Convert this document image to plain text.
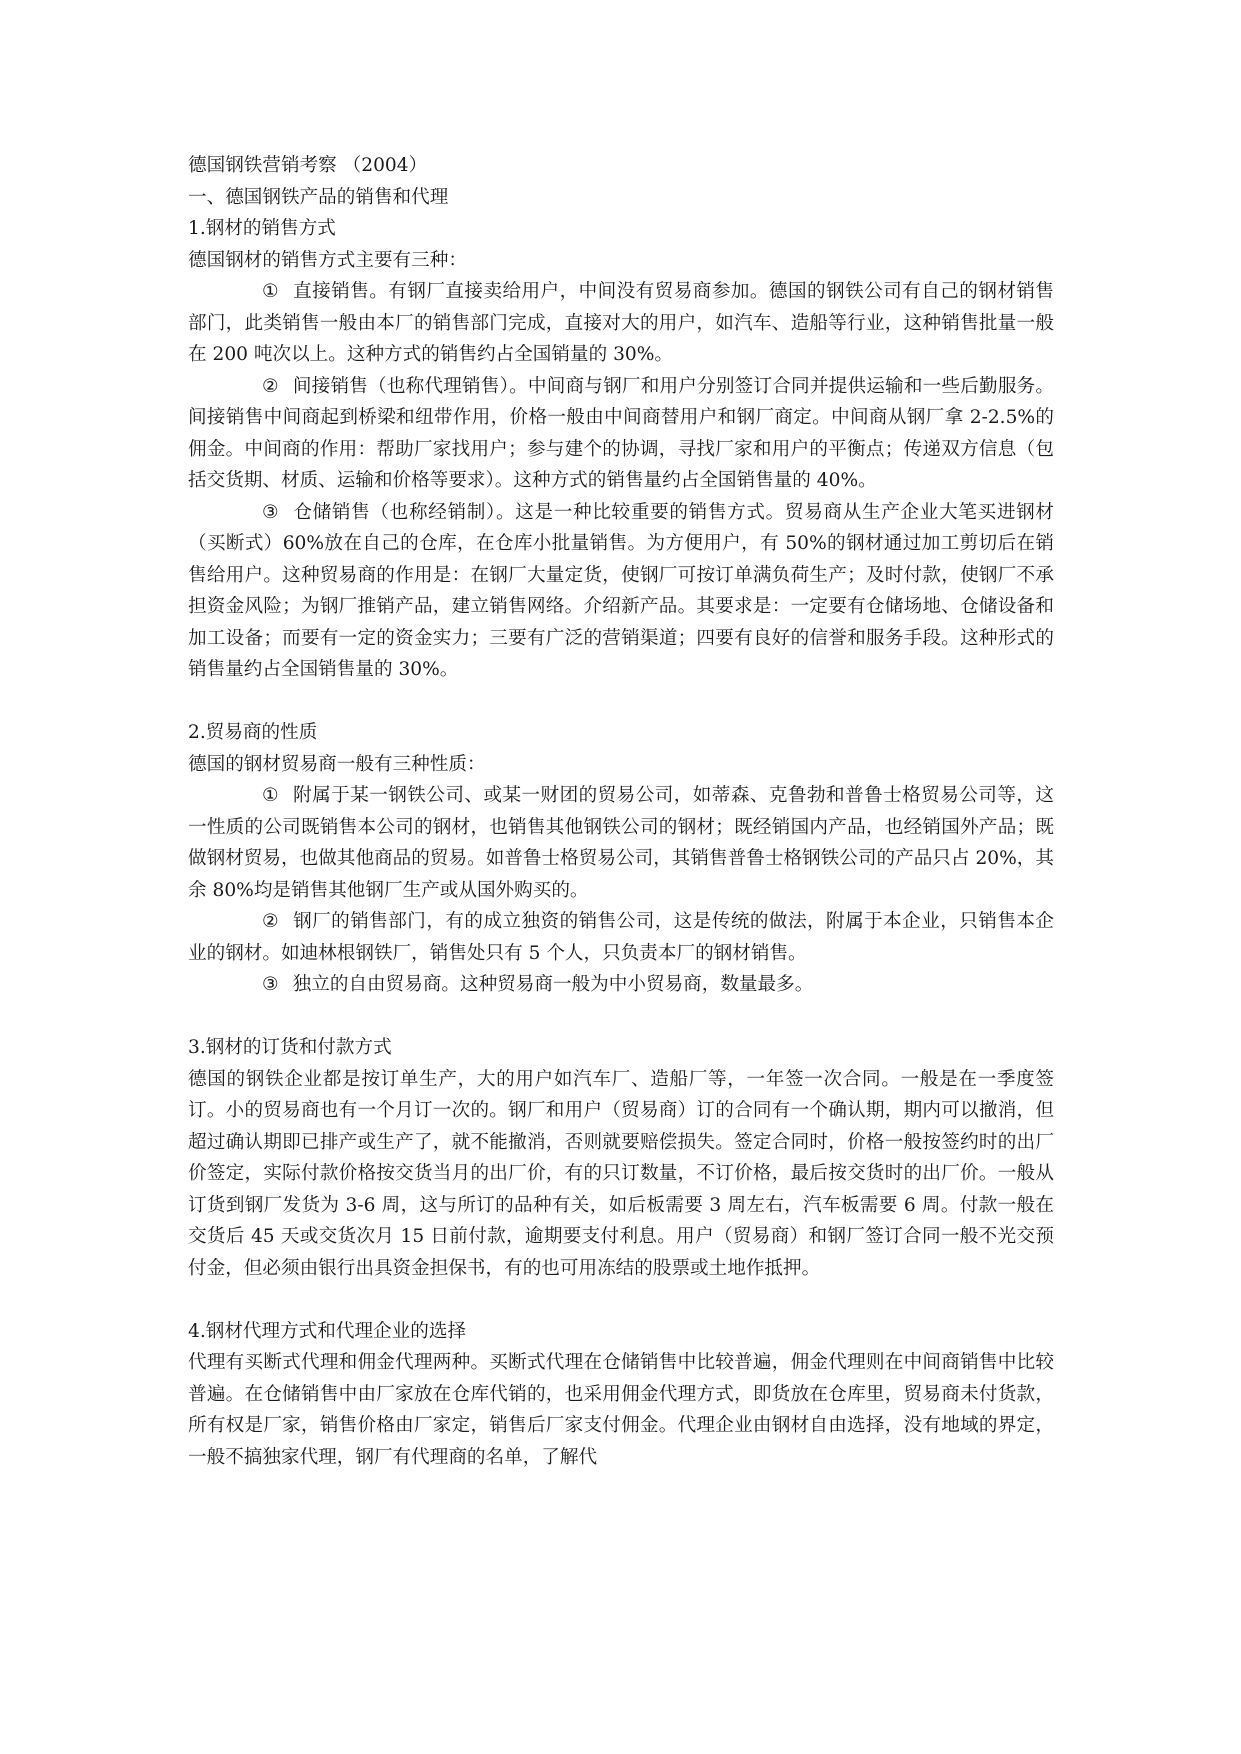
德国钢铁营销考察 （2004）

一、德国钢铁产品的销售和代理

1.钢材的销售方式

德国钢材的销售方式主要有三种：

① 直接销售。有钢厂直接卖给用户，中间没有贸易商参加。德国的钢铁公司有自己的钢材销售部门，此类销售一般由本厂的销售部门完成，直接对大的用户，如汽车、造船等行业，这种销售批量一般在 200 吨次以上。这种方式的销售约占全国销量的 30%。

② 间接销售（也称代理销售）。中间商与钢厂和用户分别签订合同并提供运输和一些后勤服务。间接销售中间商起到桥梁和纽带作用，价格一般由中间商替用户和钢厂商定。中间商从钢厂拿 2-2.5%的佣金。中间商的作用：帮助厂家找用户；参与建个的协调，寻找厂家和用户的平衡点；传递双方信息（包括交货期、材质、运输和价格等要求）。这种方式的销售量约占全国销售量的 40%。

③ 仓储销售（也称经销制）。这是一种比较重要的销售方式。贸易商从生产企业大笔买进钢材（买断式）60%放在自己的仓库，在仓库小批量销售。为方便用户，有 50%的钢材通过加工剪切后在销售给用户。这种贸易商的作用是：在钢厂大量定货，使钢厂可按订单满负荷生产；及时付款，使钢厂不承担资金风险；为钢厂推销产品，建立销售网络。介绍新产品。其要求是：一定要有仓储场地、仓储设备和加工设备；而要有一定的资金实力；三要有广泛的营销渠道；四要有良好的信誉和服务手段。这种形式的销售量约占全国销售量的 30%。

2.贸易商的性质

德国的钢材贸易商一般有三种性质：

① 附属于某一钢铁公司、或某一财团的贸易公司，如蒂森、克鲁勃和普鲁士格贸易公司等，这一性质的公司既销售本公司的钢材，也销售其他钢铁公司的钢材；既经销国内产品，也经销国外产品；既做钢材贸易，也做其他商品的贸易。如普鲁士格贸易公司，其销售普鲁士格钢铁公司的产品只占 20%，其余 80%均是销售其他钢厂生产或从国外购买的。

② 钢厂的销售部门，有的成立独资的销售公司，这是传统的做法，附属于本企业，只销售本企业的钢材。如迪林根钢铁厂，销售处只有 5 个人，只负责本厂的钢材销售。

③ 独立的自由贸易商。这种贸易商一般为中小贸易商，数量最多。

3.钢材的订货和付款方式

德国的钢铁企业都是按订单生产，大的用户如汽车厂、造船厂等，一年签一次合同。一般是在一季度签订。小的贸易商也有一个月订一次的。钢厂和用户（贸易商）订的合同有一个确认期，期内可以撤消，但超过确认期即已排产或生产了，就不能撤消，否则就要赔偿损失。签定合同时，价格一般按签约时的出厂价签定，实际付款价格按交货当月的出厂价，有的只订数量，不订价格，最后按交货时的出厂价。一般从订货到钢厂发货为 3-6 周，这与所订的品种有关，如后板需要 3 周左右，汽车板需要 6 周。付款一般在交货后 45 天或交货次月 15 日前付款，逾期要支付利息。用户（贸易商）和钢厂签订合同一般不光交预付金，但必须由银行出具资金担保书，有的也可用冻结的股票或土地作抵押。

4.钢材代理方式和代理企业的选择

代理有买断式代理和佣金代理两种。买断式代理在仓储销售中比较普遍，佣金代理则在中间商销售中比较普遍。在仓储销售中由厂家放在仓库代销的，也采用佣金代理方式，即货放在仓库里，贸易商未付货款，所有权是厂家，销售价格由厂家定，销售后厂家支付佣金。代理企业由钢材自由选择，没有地域的界定，一般不搞独家代理，钢厂有代理商的名单，了解代
